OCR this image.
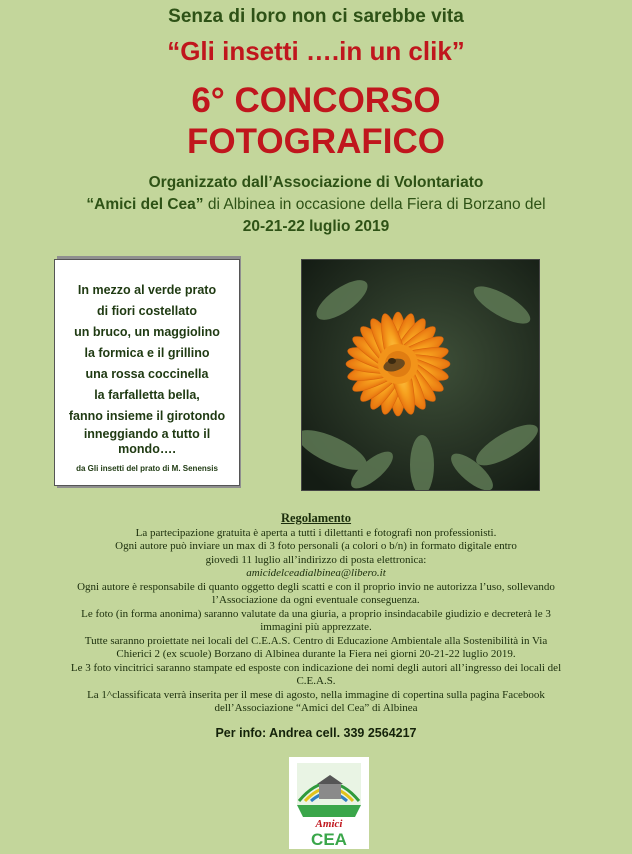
Senza di loro non ci sarebbe vita
“Gli insetti ….in un clik”
6° CONCORSO
FOTOGRAFICO
Organizzato dall’Associazione di Volontariato
“Amici del Cea” di Albinea in occasione della Fiera di Borzano del
20-21-22 luglio 2019
In mezzo al verde prato
di fiori costellato
un bruco, un maggiolino
la formica e il grillino
una rossa coccinella
la farfalletta bella,
fanno insieme il girotondo
inneggiando a tutto il
mondo….
da Gli insetti del prato di M. Senensis
Regolamento
La partecipazione gratuita è aperta a tutti i dilettanti e fotografi non professionisti.
Ogni autore può inviare un max di 3 foto personali (a colori o b/n) in formato digitale entro
giovedì 11 luglio all’indirizzo di posta elettronica:
amicidelceadialbinea@libero.it
Ogni autore è responsabile di quanto oggetto degli scatti e con il proprio invio ne autorizza l’uso, sollevando
l’Associazione da ogni eventuale conseguenza.
Le foto (in forma anonima) saranno valutate da una giuria, a proprio insindacabile giudizio e decreterà le 3
immagini più apprezzate.
Tutte saranno proiettate nei locali del C.E.A.S. Centro di Educazione Ambientale alla Sostenibilità in Via
Chierici 2 (ex scuole) Borzano di Albinea durante la Fiera nei giorni 20-21-22 luglio 2019.
Le 3 foto vincitrici saranno stampate ed esposte con indicazione dei nomi degli autori all’ingresso dei locali del
C.E.A.S.
La 1^classificata verrà inserita per il mese di agosto, nella immagine di copertina sulla pagina Facebook
dell’Associazione “Amici del Cea” di Albinea
Per info: Andrea cell. 339 2564217
Amici
CEA
